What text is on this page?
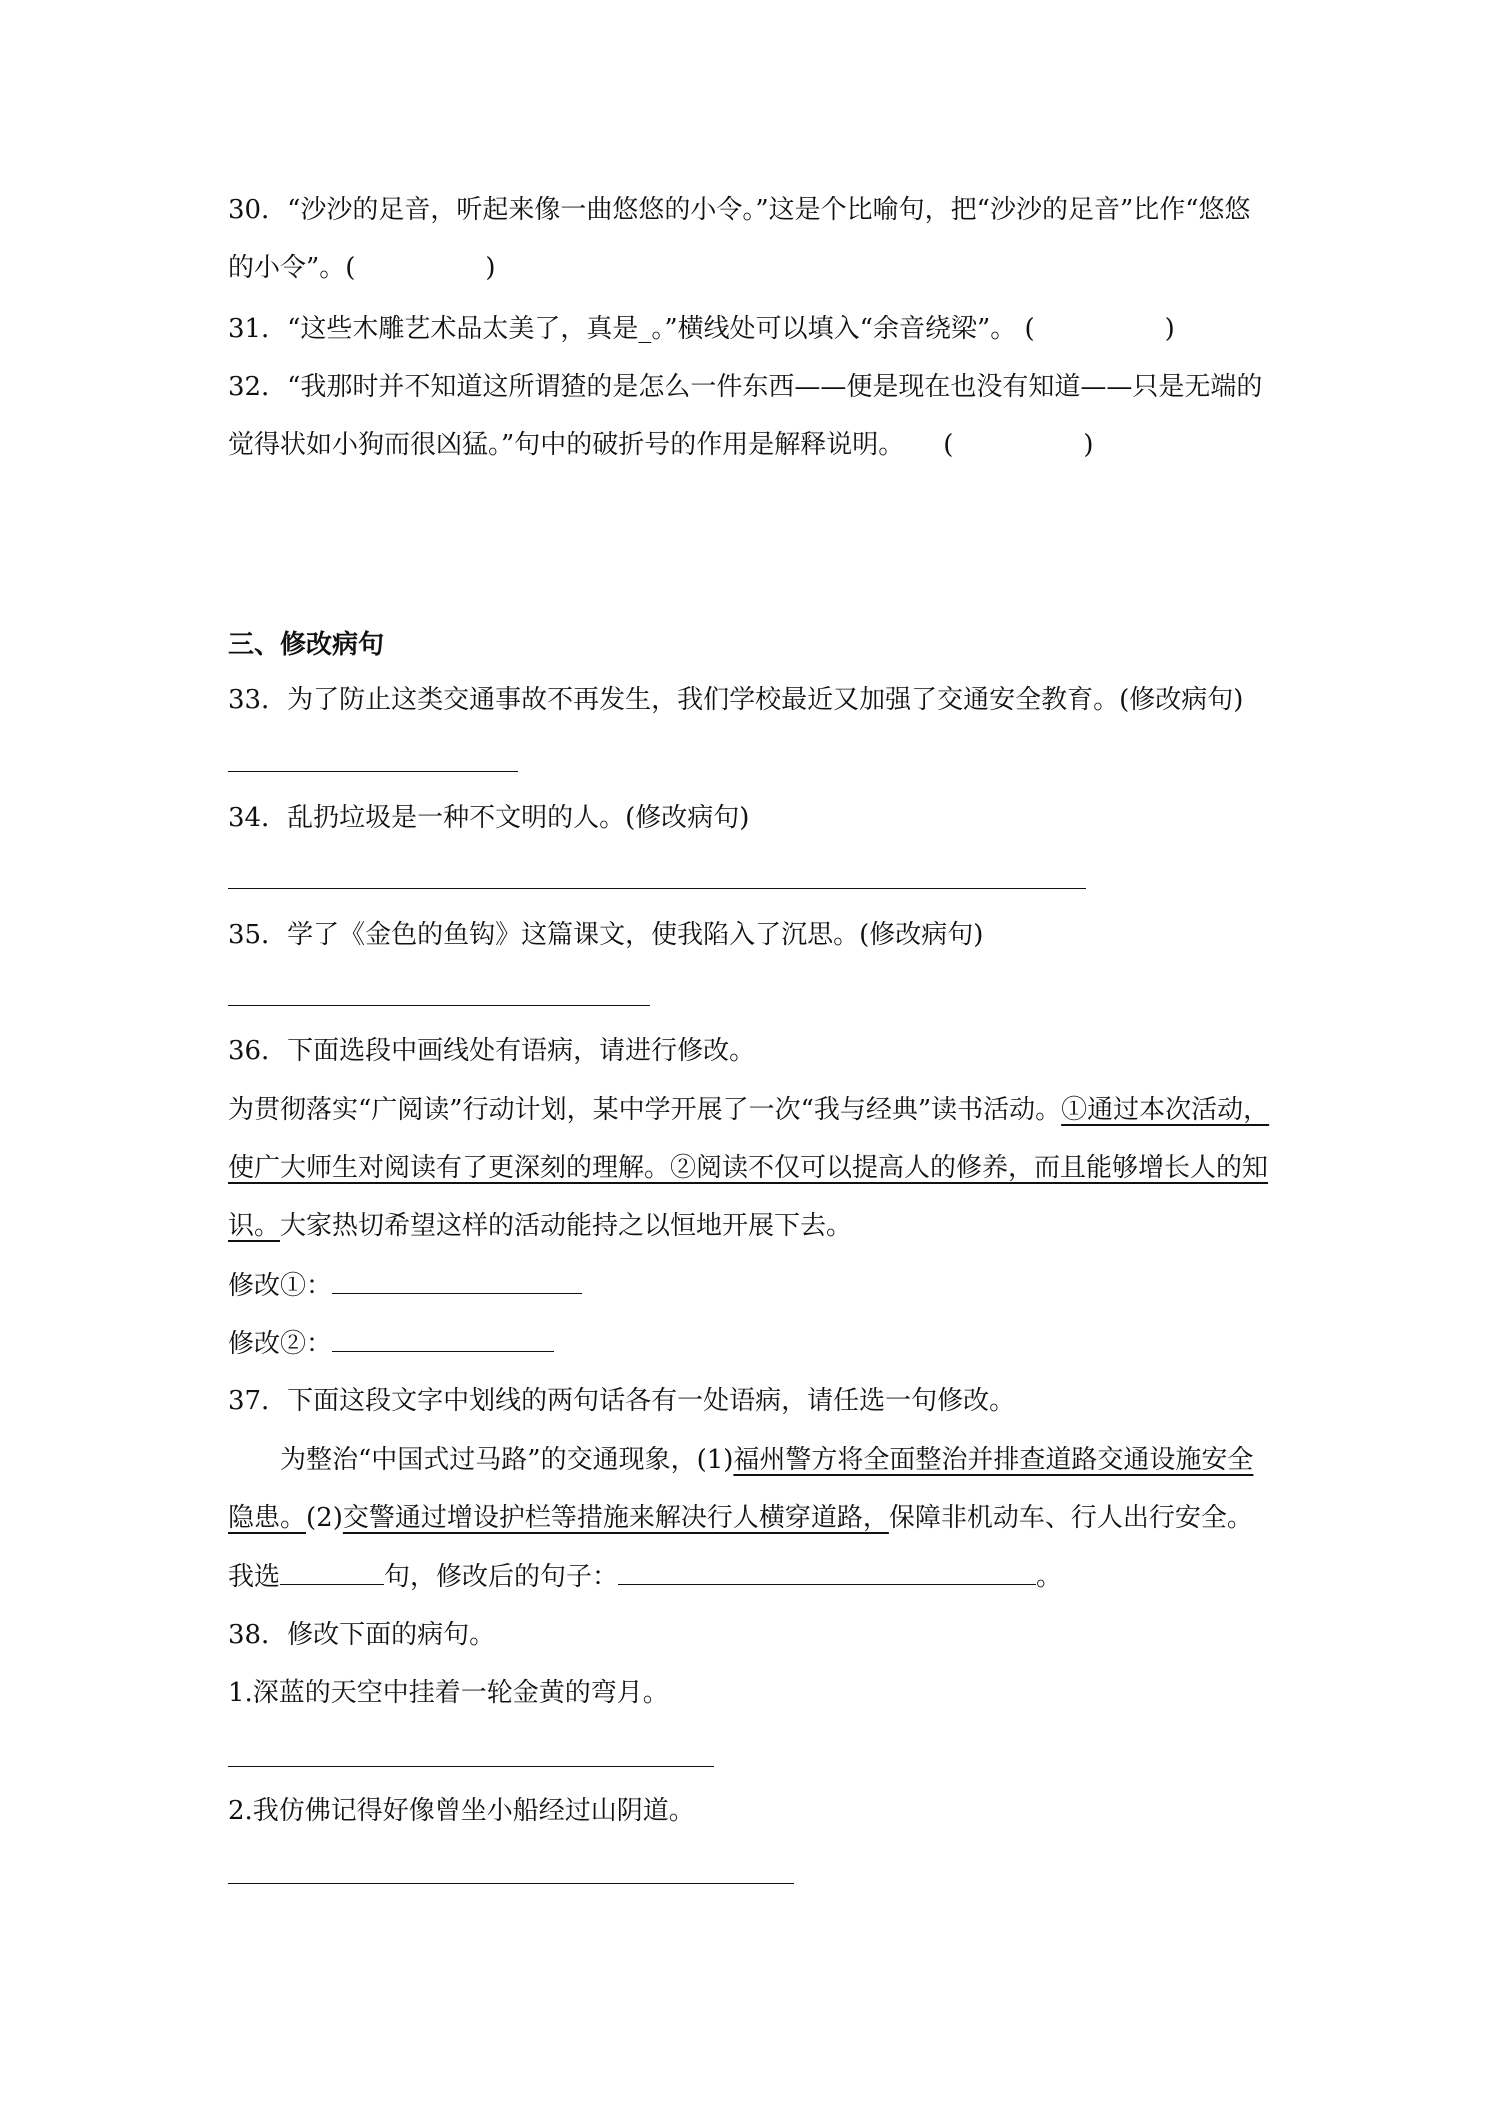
30．“沙沙的足音，听起来像一曲悠悠的小令。”这是个比喻句，把“沙沙的足音”比作“悠悠
的小令”。(　　　　　)
31．“这些木雕艺术品太美了，真是_。”横线处可以填入“余音绕梁”。 (　　　　　)
32．“我那时并不知道这所谓猹的是怎么一件东西——便是现在也没有知道——只是无端的
觉得状如小狗而很凶猛。”句中的破折号的作用是解释说明。　　(　　　　　)
三、修改病句
33．为了防止这类交通事故不再发生，我们学校最近又加强了交通安全教育。(修改病句)
34．乱扔垃圾是一种不文明的人。(修改病句)
35．学了《金色的鱼钩》这篇课文，使我陷入了沉思。(修改病句)
36．下面选段中画线处有语病，请进行修改。
为贯彻落实“广阅读”行动计划，某中学开展了一次“我与经典”读书活动。①通过本次活动，
使广大师生对阅读有了更深刻的理解。②阅读不仅可以提高人的修养，而且能够增长人的知
识。大家热切希望这样的活动能持之以恒地开展下去。
修改①：
修改②：
37．下面这段文字中划线的两句话各有一处语病，请任选一句修改。
为整治“中国式过马路”的交通现象，(1)福州警方将全面整治并排查道路交通设施安全
隐患。(2)交警通过增设护栏等措施来解决行人横穿道路，保障非机动车、行人出行安全。
我选	句，修改后的句子：	。
38．修改下面的病句。
1.深蓝的天空中挂着一轮金黄的弯月。
2.我仿佛记得好像曾坐小船经过山阴道。
